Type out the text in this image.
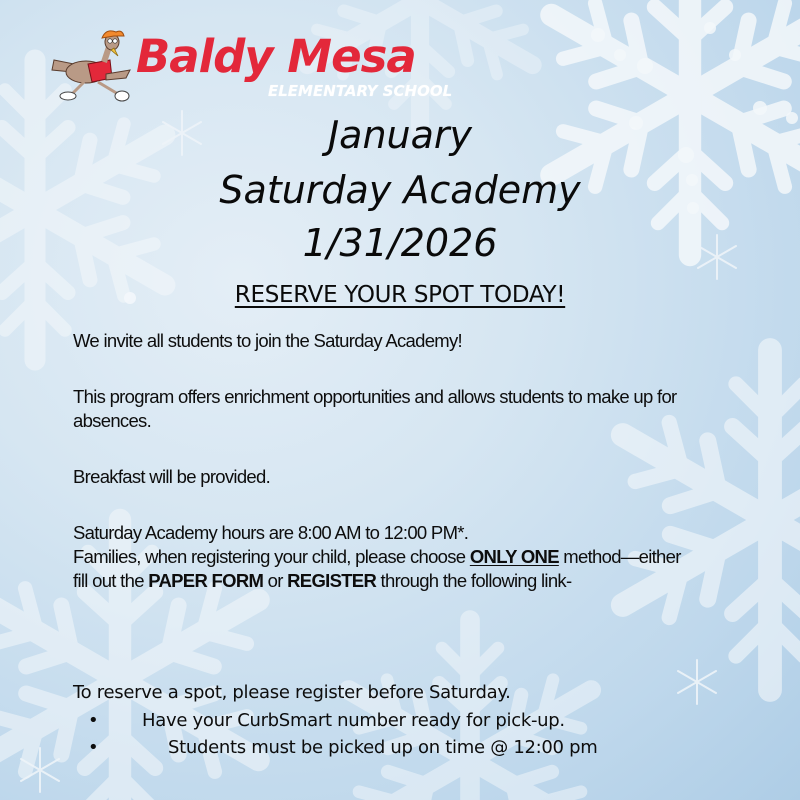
Baldy Mesa
ELEMENTARY SCHOOL
January
Saturday Academy
1/31/2026
RESERVE YOUR SPOT TODAY!
We invite all students to join the Saturday Academy!
This program offers enrichment opportunities and allows students to make up for absences.
Breakfast will be provided.
Saturday Academy hours are 8:00 AM to 12:00 PM*.
Families, when registering your child, please choose ONLY ONE method—either fill out the PAPER FORM or REGISTER through the following link-
To reserve a spot, please register before Saturday.
• Have your CurbSmart number ready for pick-up.
•	Students must be picked up on time @ 12:00 pm
